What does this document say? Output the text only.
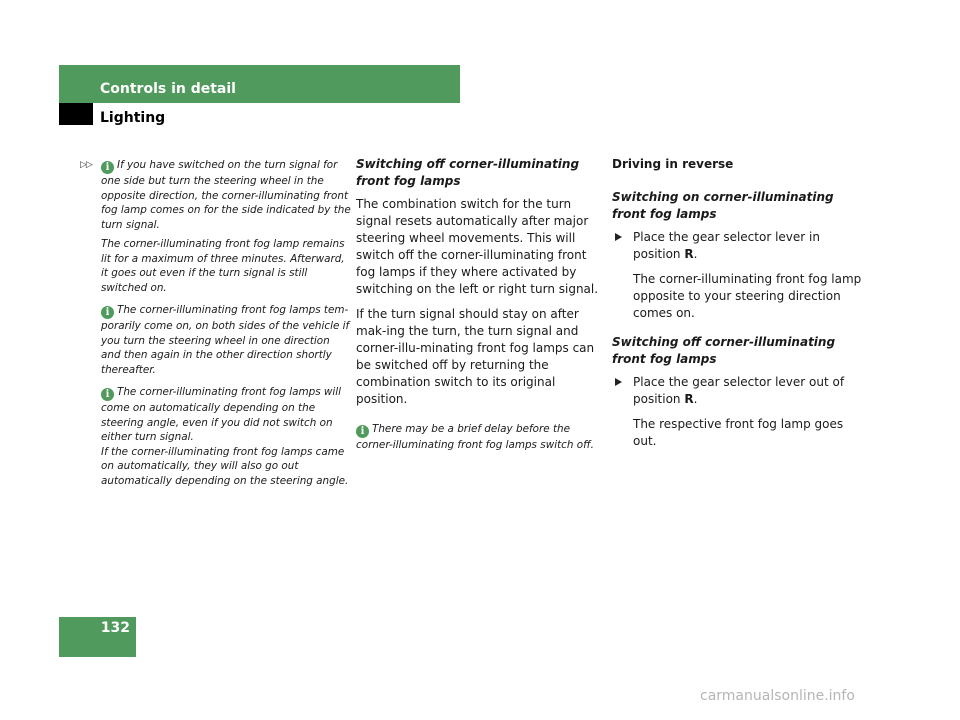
Controls in detail
Lighting
▷▷	i If you have switched on the turn signal for one side but turn the steering wheel in the opposite direction, the corner-illuminating front fog lamp comes on for the side indicated by the turn signal.

The corner-illuminating front fog lamp remains lit for a maximum of three minutes. Afterward, it goes out even if the turn signal is still switched on.

i The corner-illuminating front fog lamps tem-porarily come on, on both sides of the vehicle if you turn the steering wheel in one direction and then again in the other direction shortly thereafter.

i The corner-illuminating front fog lamps will come on automatically depending on the steering angle, even if you did not switch on either turn signal.

If the corner-illuminating front fog lamps came on automatically, they will also go out automatically depending on the steering angle.

Switching off corner-illuminating front fog lamps
The combination switch for the turn signal resets automatically after major steering wheel movements. This will switch off the corner-illuminating front fog lamps if they where activated by switching on the left or right turn signal.
If the turn signal should stay on after mak-ing the turn, the turn signal and corner-illu-minating front fog lamps can be switched off by returning the combination switch to its original position.
i There may be a brief delay before the corner-illuminating front fog lamps switch off.
Driving in reverse
Switching on corner-illuminating front fog lamps
Place the gear selector lever in position R.
The corner-illuminating front fog lamp opposite to your steering direction comes on.
Switching off corner-illuminating front fog lamps
Place the gear selector lever out of position R.
The respective front fog lamp goes out.
132
carmanualsonline.info
